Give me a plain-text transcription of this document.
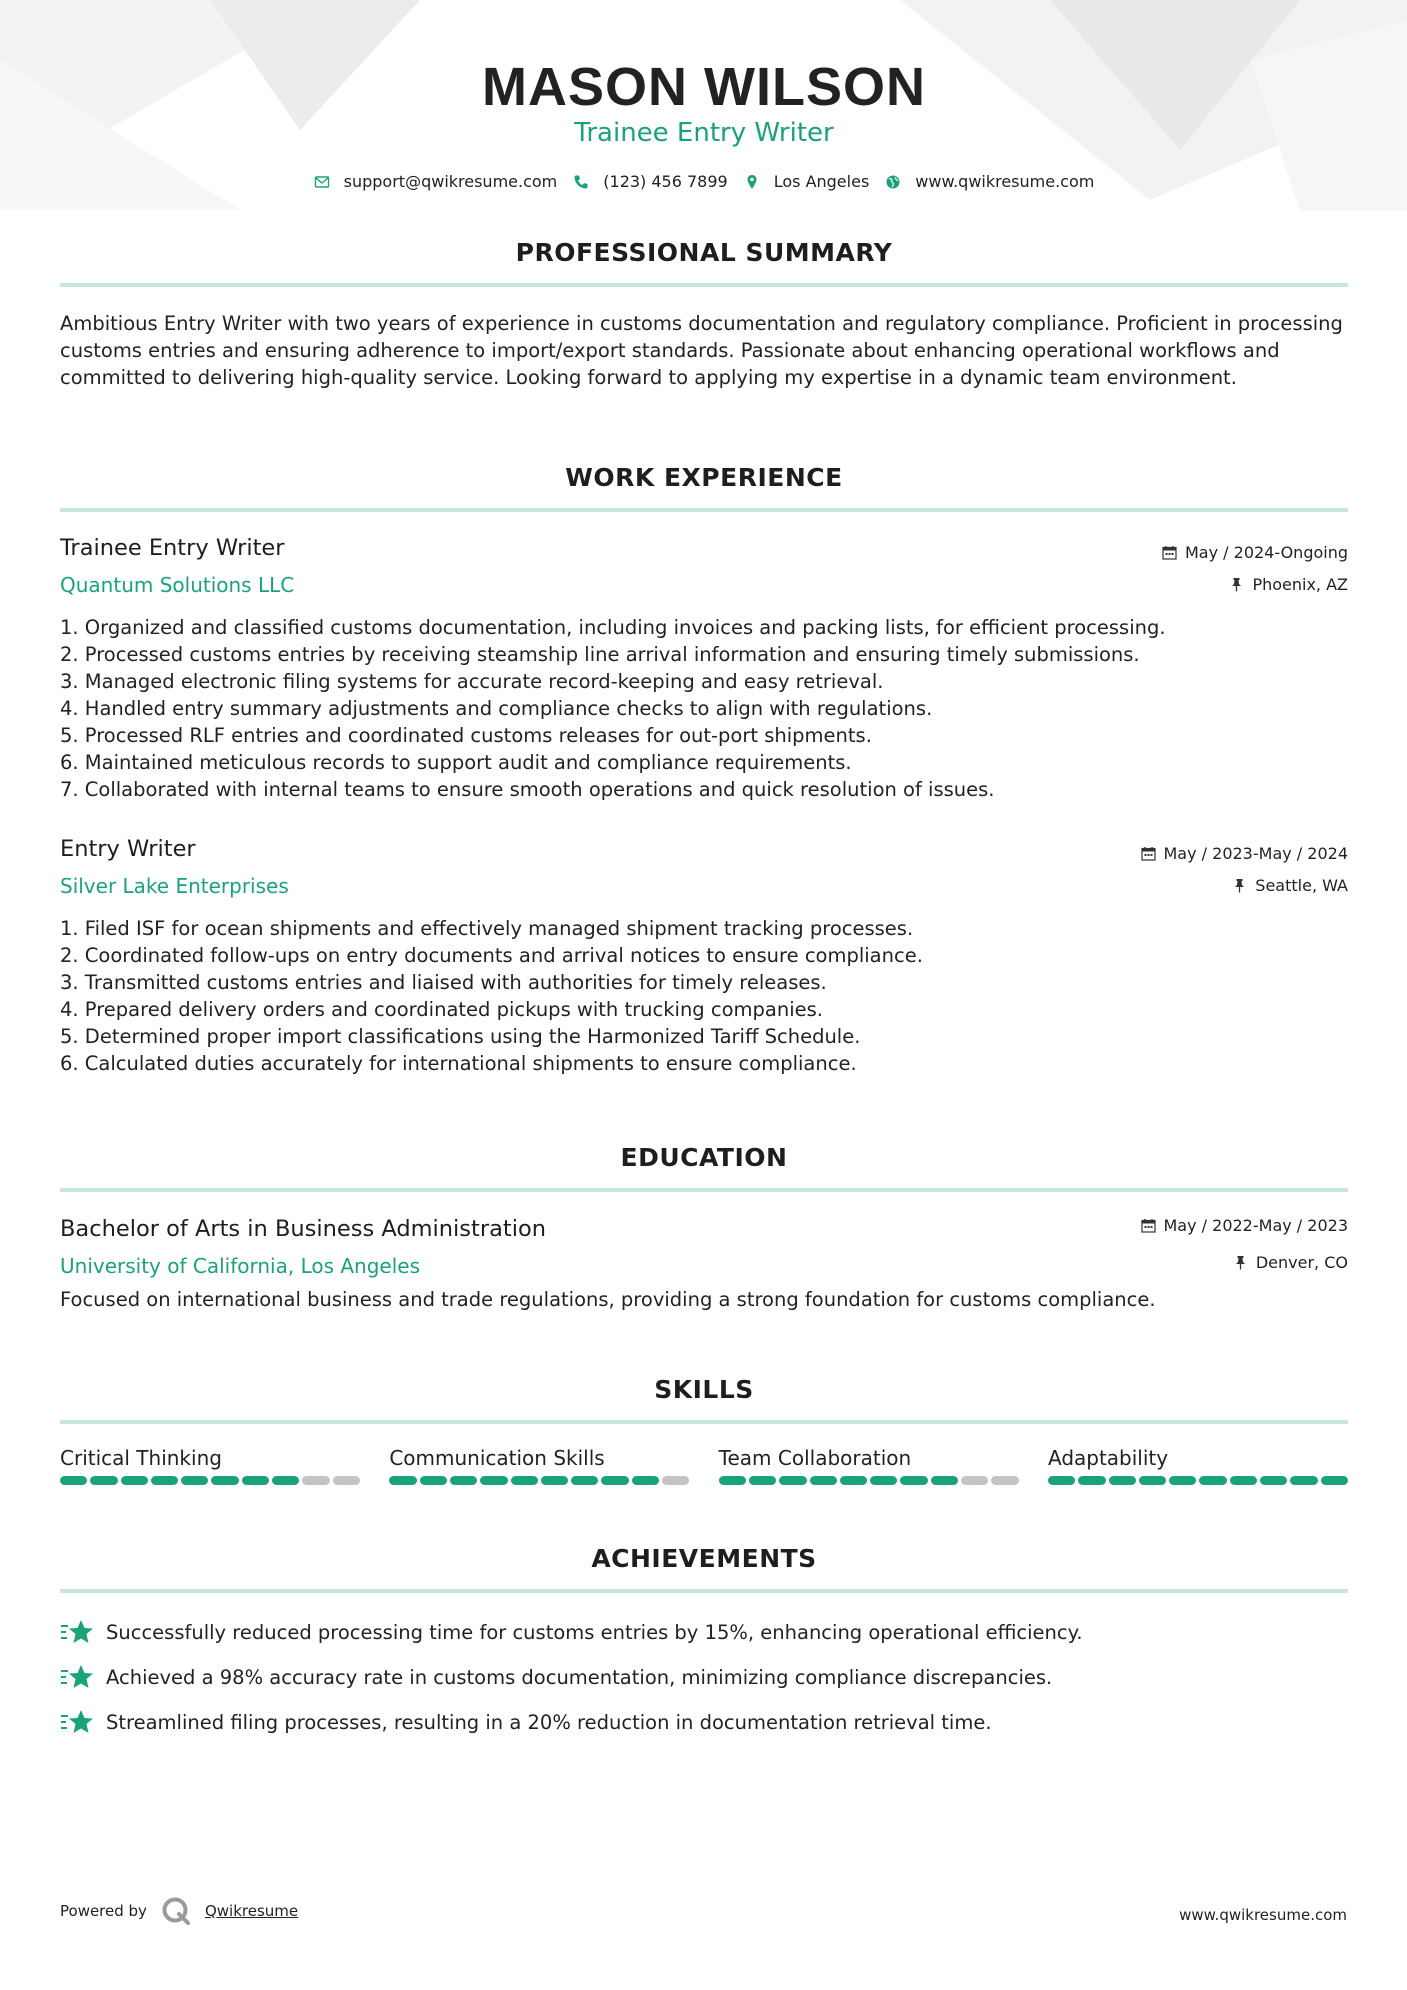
MASON WILSON
Trainee Entry Writer
support@qwikresume.com	(123) 456 7899	Los Angeles	www.qwikresume.com
PROFESSIONAL SUMMARY
Ambitious Entry Writer with two years of experience in customs documentation and regulatory compliance. Proficient in processing customs entries and ensuring adherence to import/export standards. Passionate about enhancing operational workflows and committed to delivering high-quality service. Looking forward to applying my expertise in a dynamic team environment.
WORK EXPERIENCE
Trainee Entry Writer
Quantum Solutions LLC
May / 2024-Ongoing
Phoenix, AZ
1. Organized and classified customs documentation, including invoices and packing lists, for efficient processing.
2. Processed customs entries by receiving steamship line arrival information and ensuring timely submissions.
3. Managed electronic filing systems for accurate record-keeping and easy retrieval.
4. Handled entry summary adjustments and compliance checks to align with regulations.
5. Processed RLF entries and coordinated customs releases for out-port shipments.
6. Maintained meticulous records to support audit and compliance requirements.
7. Collaborated with internal teams to ensure smooth operations and quick resolution of issues.
Entry Writer
Silver Lake Enterprises
May / 2023-May / 2024
Seattle, WA
1. Filed ISF for ocean shipments and effectively managed shipment tracking processes.
2. Coordinated follow-ups on entry documents and arrival notices to ensure compliance.
3. Transmitted customs entries and liaised with authorities for timely releases.
4. Prepared delivery orders and coordinated pickups with trucking companies.
5. Determined proper import classifications using the Harmonized Tariff Schedule.
6. Calculated duties accurately for international shipments to ensure compliance.
EDUCATION
Bachelor of Arts in Business Administration
University of California, Los Angeles
May / 2022-May / 2023
Denver, CO
Focused on international business and trade regulations, providing a strong foundation for customs compliance.
SKILLS
Critical Thinking	Communication Skills	Team Collaboration	Adaptability
ACHIEVEMENTS
Successfully reduced processing time for customs entries by 15%, enhancing operational efficiency.
Achieved a 98% accuracy rate in customs documentation, minimizing compliance discrepancies.
Streamlined filing processes, resulting in a 20% reduction in documentation retrieval time.
Powered by	Qwikresume	www.qwikresume.com
